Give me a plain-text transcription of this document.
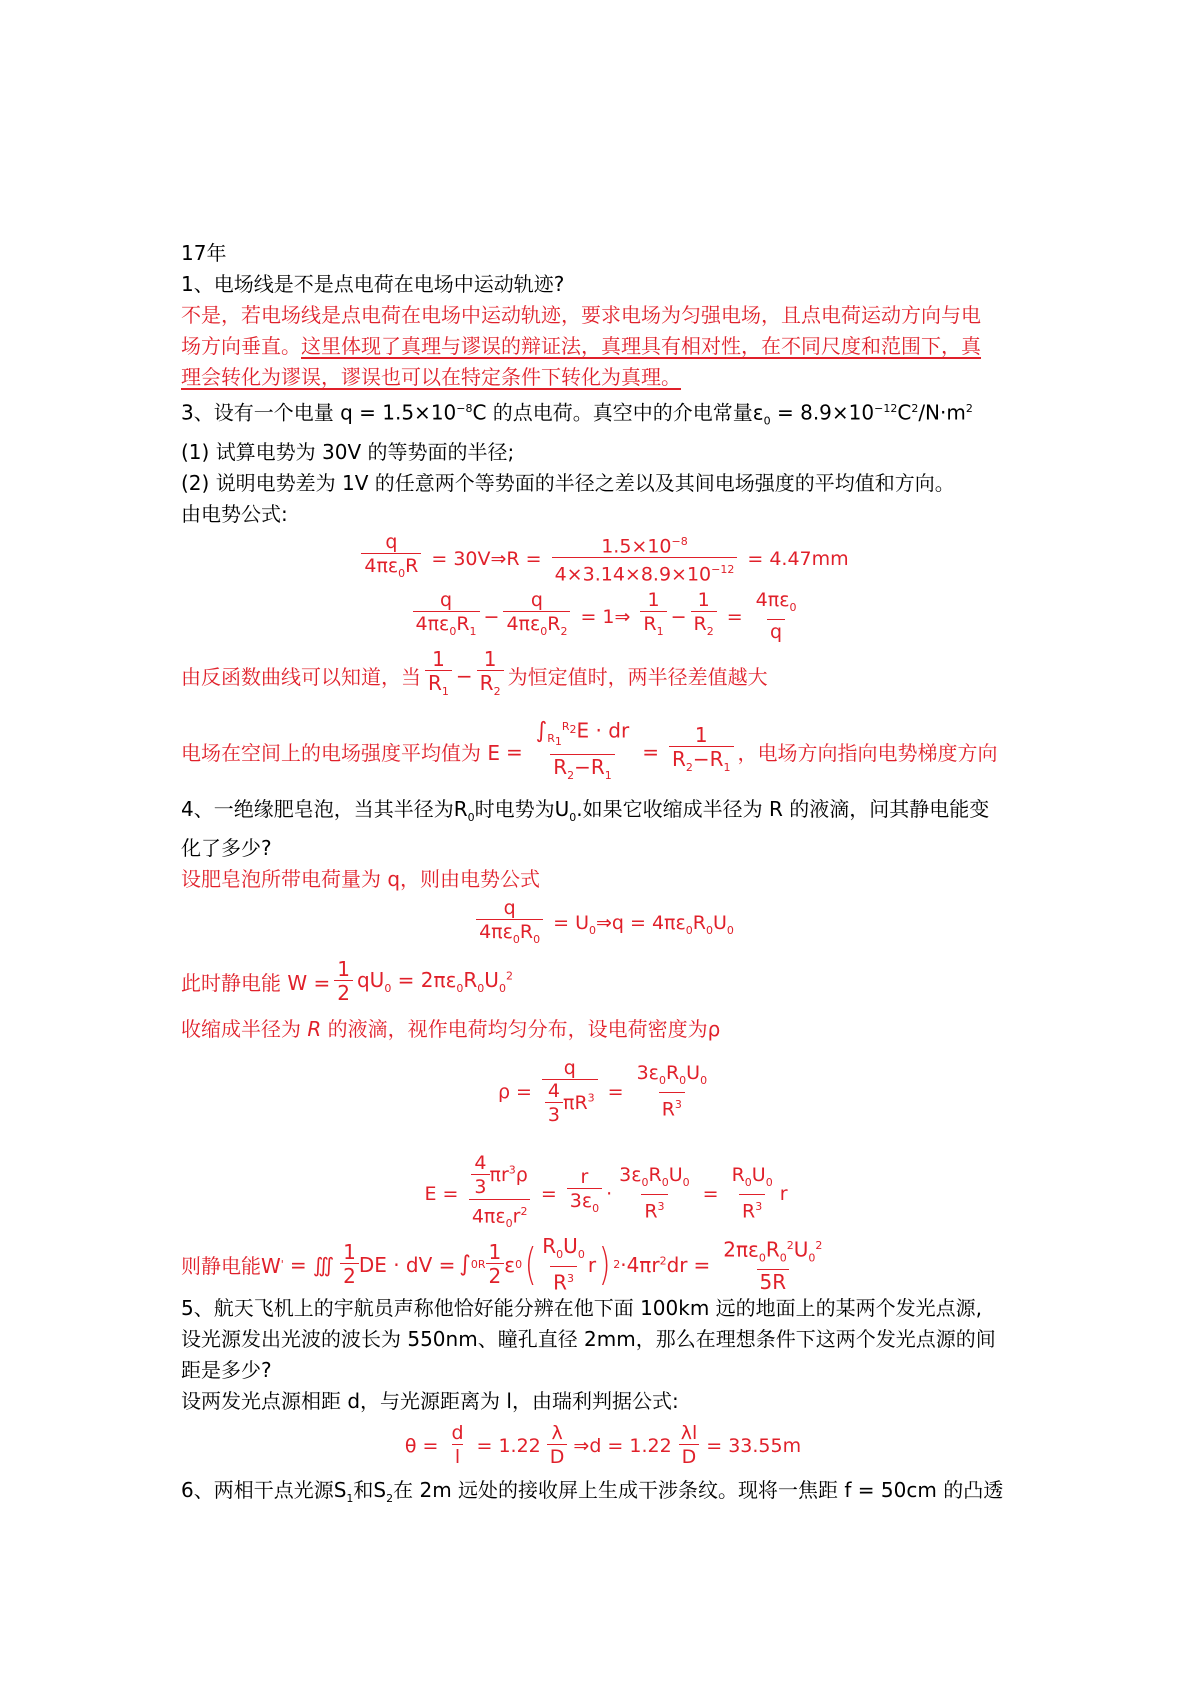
17年

1、电场线是不是点电荷在电场中运动轨迹?

不是，若电场线是点电荷在电场中运动轨迹，要求电场为匀强电场，且点电荷运动方向与电

场方向垂直。这里体现了真理与谬误的辩证法，真理具有相对性，在不同尺度和范围下，真

理会转化为谬误，谬误也可以在特定条件下转化为真理。

3、设有一个电量 $q = 1.5\times 10^{-8}C$ 的点电荷。真空中的介电常量$\varepsilon_0 = 8.9\times 10^{-12}C^2/N\cdot m^2$

(1) 试算电势为 30V 的等势面的半径;

(2) 说明电势差为 1V 的任意两个等势面的半径之差以及其间电场强度的平均值和方向。

由电势公式:

$\frac{q}{4\pi\varepsilon_0R}$ = 30V⇒R = $\frac{1.5\times 10^{-8}}{4\times 3.14\times 8.9\times 10^{-12}} = 4.47mm$
$\frac{q}{4\pi\varepsilon_0R_1} - \frac{q}{4\pi\varepsilon_0R_2}$ = 1⇒ $\frac{1}{R_1} - \frac{1}{R_2} = \frac{4\pi\varepsilon_0}{q}$
由反函数曲线可以知道，当 $\frac{1}{R_1} - \frac{1}{R_2}$ 为恒定值时，两半径差值越大
电场在空间上的电场强度平均值为 $E = \frac{\int_{R_1}^{R_2}E \cdot dr}{R_2-R_1} = \frac{1}{R_2-R_1}$ ，电场方向指向电势梯度方向

4、一绝缘肥皂泡，当其半径为$R_0$时电势为$U_0$.如果它收缩成半径为 R 的液滴，问其静电能变

化了多少?

设肥皂泡所带电荷量为 q，则由电势公式

$\frac{q}{4\pi\varepsilon_0R_0}$ = $U_0\Rightarrow q = 4\pi\varepsilon_0R_0U_0$
此时静电能 $W = \frac{1}{2} qU_0 = 2\pi\varepsilon_0R_0U_0^2$

收缩成半径为 R 的液滴，视作电荷均匀分布，设电荷密度为ρ

$\rho = \frac{q}{\frac{4}{3} \pi R^3} = \frac{3\varepsilon_0R_0U_0}{R^3}$
$E = \frac{\frac{4}{3} \pi r^3\rho}{4\pi\varepsilon_0r^2} = \frac{r}{3\varepsilon_0} \cdot \frac{3\varepsilon_0R_0U_0}{R^3} = \frac{R_0U_0}{R^3}$ r
则静电能W ' = ∭ $\frac{1}{2}$ DE · dV = ∫ 0 R $\frac{1}{2}$ ε 0 ( $\frac{R_0U_0}{R^3}$ r ) $2 \cdot 4\pi r^2dr = \frac{2\pi\varepsilon_0R_0^2U_0^2}{5R}$

5、航天飞机上的宇航员声称他恰好能分辨在他下面 100km 远的地面上的某两个发光点源,

设光源发出光波的波长为 550nm、瞳孔直径 2mm，那么在理想条件下这两个发光点源的间

距是多少?

设两发光点源相距 d，与光源距离为 l，由瑞利判据公式:

$\theta = \frac{d}{l} = 1.22 \frac{\lambda}{D}$ ⇒d = $1.22 \frac{\lambda l}{D} = 33.55m$

6、两相干点光源$S_1$和$S_2$在 2m 远处的接收屏上生成干涉条纹。现将一焦距 f = 50cm 的凸透
